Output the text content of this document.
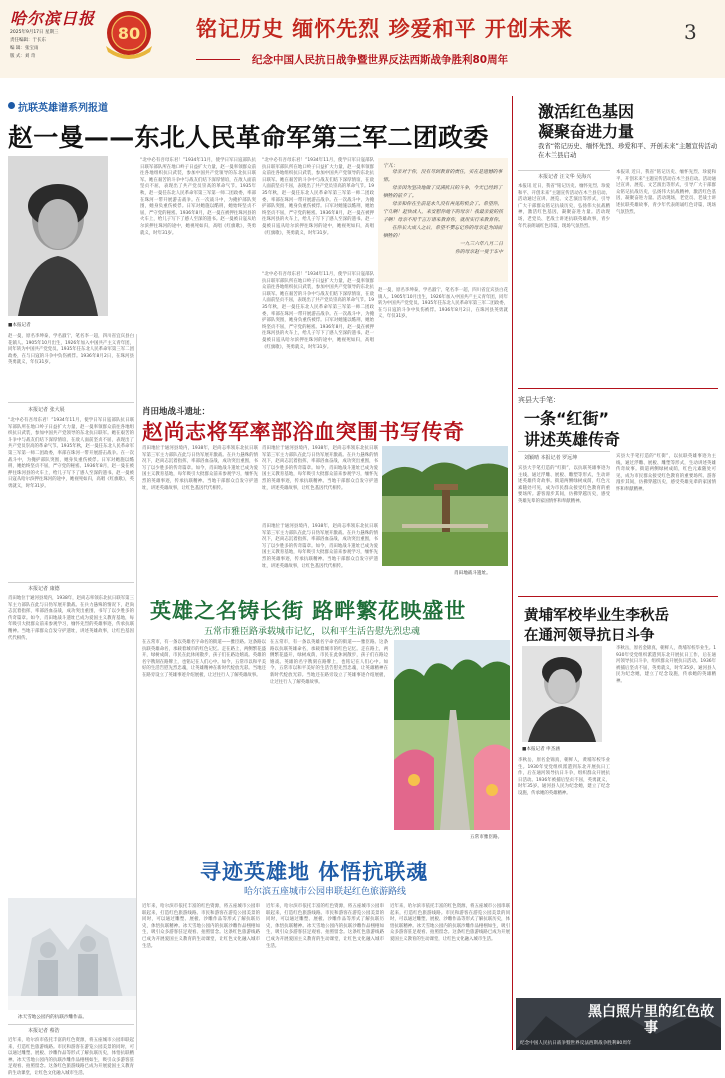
哈尔滨日报
2025年9月17日 星期三
责任编辑：于长东
编 辑：张宝雨
版 式：刘 奇
80	铭记历史 缅怀先烈 珍爱和平 开创未来	3
纪念中国人民抗日战争暨世界反法西斯战争胜利80周年
抗联英雄谱系列报道
赵一曼——东北人民革命军第三军二团政委
■本报记者
赵一曼，原名李坤泰，学名淑宁，笔名李一超，四川省宜宾县白花镇人。1905年10月出生，1926年加入中国共产主义青年团，同年转为中国共产党党员。1935年任东北人民革命军第三军二团政委，在与日寇的斗争中负伤被俘。1936年8月2日，在珠河县英勇就义，年仅31岁。
本报记者 张大展
“北中必有吾母东君！”1934年11月，使学日军日寇部队抗日联军部队所在地口岭子日益扩大力量，赵一曼率领群众前往各地组织抗日武装，参加中国共产党领导的东北抗日联军。她在艰苦的斗争中与战友们结下深厚情谊，在敌人面前坚贞不屈，表现出了共产党员崇高的革命气节。1935年秋，赵一曼任东北人民革命军第三军第一师二团政委，率部在珠河一带开展游击战争。在一次战斗中，为掩护部队突围，她身负重伤被俘。日军对她施以酷刑，她始终坚贞不屈，严守党的秘密。1936年8月，赵一曼在被押往珠河县的火车上，给儿子写下了感人至深的遗书。赵一曼被日寇从哈尔滨押往珠河的途中，她视死如归，高唱《红旗歌》，英勇就义，时年31岁。
“北中必有吾母东君！”1934年11月，使学日军日寇部队抗日联军部队所在地口岭子日益扩大力量，赵一曼率领群众前往各地组织抗日武装，参加中国共产党领导的东北抗日联军。她在艰苦的斗争中与战友们结下深厚情谊，在敌人面前坚贞不屈，表现出了共产党员崇高的革命气节。1935年秋，赵一曼任东北人民革命军第三军第一师二团政委，率部在珠河一带开展游击战争。在一次战斗中，为掩护部队突围，她身负重伤被俘。日军对她施以酷刑，她始终坚贞不屈，严守党的秘密。1936年8月，赵一曼在被押往珠河县的火车上，给儿子写下了感人至深的遗书。赵一曼被日寇从哈尔滨押往珠河的途中，她视死如归，高唱《红旗歌》，英勇就义，时年31岁。
“北中必有吾母东君！”1934年11月，使学日军日寇部队抗日联军部队所在地口岭子日益扩大力量，赵一曼率领群众前往各地组织抗日武装，参加中国共产党领导的东北抗日联军。她在艰苦的斗争中与战友们结下深厚情谊，在敌人面前坚贞不屈，表现出了共产党员崇高的革命气节。1935年秋，赵一曼任东北人民革命军第三军第一师二团政委，率部在珠河一带开展游击战争。在一次战斗中，为掩护部队突围，她身负重伤被俘。日军对她施以酷刑，她始终坚贞不屈，严守党的秘密。1936年8月，赵一曼在被押往珠河县的火车上，给儿子写下了感人至深的遗书。赵一曼被日寇从哈尔滨押往珠河的途中，她视死如归，高唱《红旗歌》，英勇就义，时年31岁。
宁儿：
母亲对于你，没有尽到教育的责任，实在是遗憾的事情。
母亲因为坚决地做了反满抗日的斗争，今天已经到了牺牲的前夕了。
母亲和你在生前是永久没有再见的机会了。希望你，宁儿啊！赶快成人，来安慰你地下的母亲！我最亲爱的孩子啊！母亲不用千言万语来教育你，就用实行来教育你。
在你长大成人之后，希望不要忘记你的母亲是为国而牺牲的！
一九三六年八月二日
你的母亲赵一曼于车中
“北中必有吾母东君！”1934年11月，使学日军日寇部队抗日联军部队所在地口岭子日益扩大力量，赵一曼率领群众前往各地组织抗日武装，参加中国共产党领导的东北抗日联军。她在艰苦的斗争中与战友们结下深厚情谊，在敌人面前坚贞不屈，表现出了共产党员崇高的革命气节。1935年秋，赵一曼任东北人民革命军第三军第一师二团政委，率部在珠河一带开展游击战争。在一次战斗中，为掩护部队突围，她身负重伤被俘。日军对她施以酷刑，她始终坚贞不屈，严守党的秘密。1936年8月，赵一曼在被押往珠河县的火车上，给儿子写下了感人至深的遗书。赵一曼被日寇从哈尔滨押往珠河的途中，她视死如归，高唱《红旗歌》，英勇就义，时年31岁。
赵一曼，原名李坤泰，学名淑宁，笔名李一超，四川省宜宾县白花镇人。1905年10月出生，1926年加入中国共产主义青年团，同年转为中国共产党党员。1935年任东北人民革命军第三军二团政委，在与日寇的斗争中负伤被俘。1936年8月2日，在珠河县英勇就义，年仅31岁。
肖田地战斗遗址：
赵尚志将军率部浴血突围书写传奇
肖田地位于通河县境内，1938年，赵尚志率领东北抗日联军第三军主力部队在此与日伪军展开激战。在兵力悬殊的情况下，赵尚志沉着指挥，率部浴血奋战，成功突出重围，书写了以少胜多的传奇篇章。如今，肖田地战斗遗址已成为爱国主义教育基地，每年吸引大批群众前来参观学习，缅怀先烈的英雄事迹，传承抗联精神。当地干部群众自发守护遗址，讲述英雄故事，让红色基因代代相传。
肖田地位于通河县境内，1938年，赵尚志率领东北抗日联军第三军主力部队在此与日伪军展开激战。在兵力悬殊的情况下，赵尚志沉着指挥，率部浴血奋战，成功突出重围，书写了以少胜多的传奇篇章。如今，肖田地战斗遗址已成为爱国主义教育基地，每年吸引大批群众前来参观学习，缅怀先烈的英雄事迹，传承抗联精神。当地干部群众自发守护遗址，讲述英雄故事，让红色基因代代相传。
肖田地战斗遗址。
肖田地位于通河县境内，1938年，赵尚志率领东北抗日联军第三军主力部队在此与日伪军展开激战。在兵力悬殊的情况下，赵尚志沉着指挥，率部浴血奋战，成功突出重围，书写了以少胜多的传奇篇章。如今，肖田地战斗遗址已成为爱国主义教育基地，每年吸引大批群众前来参观学习，缅怀先烈的英雄事迹，传承抗联精神。当地干部群众自发守护遗址，讲述英雄故事，让红色基因代代相传。
本报记者 康德
肖田地位于通河县境内，1938年，赵尚志率领东北抗日联军第三军主力部队在此与日伪军展开激战。在兵力悬殊的情况下，赵尚志沉着指挥，率部浴血奋战，成功突出重围，书写了以少胜多的传奇篇章。如今，肖田地战斗遗址已成为爱国主义教育基地，每年吸引大批群众前来参观学习，缅怀先烈的英雄事迹，传承抗联精神。当地干部群众自发守护遗址，讲述英雄故事，让红色基因代代相传。
英雄之名铸长街 路畔繁花映盛世
五常市雅臣路承载城市记忆，以和平生活告慰先烈忠魂
在五常市，有一条以英雄名字命名的街道——雅臣路。这条路以抗联英雄命名，承载着城市的红色记忆。走在路上，两侧繁花盛开，绿树成荫，市民在此休闲散步，孩子们在路边嬉戏。英雄的名字镌刻在路牌上，也铭记在人们心中。如今，五常市以和平美好的生活告慰先烈忠魂，让英雄精神在新时代绽放光彩。当地还在路旁设立了英雄事迹介绍展板，让过往行人了解英雄故事。
在五常市，有一条以英雄名字命名的街道——雅臣路。这条路以抗联英雄命名，承载着城市的红色记忆。走在路上，两侧繁花盛开，绿树成荫，市民在此休闲散步，孩子们在路边嬉戏。英雄的名字镌刻在路牌上，也铭记在人们心中。如今，五常市以和平美好的生活告慰先烈忠魂，让英雄精神在新时代绽放光彩。当地还在路旁设立了英雄事迹介绍展板，让过往行人了解英雄故事。
五常市雅臣路。
寻迹英雄地 体悟抗联魂
哈尔滨五座城市公园串联起红色旅游路线
冰天雪地公园内的抗联沙雕作品。
本报记者 蔡浩
近年来，哈尔滨市依托丰富的红色资源，将五座城市公园串联起来，打造红色旅游线路。市民和游客在游览公园美景的同时，可以通过雕塑、展板、沙雕作品等形式了解抗联历史，体悟抗联精神。冰天雪地公园内的抗联沙雕作品栩栩如生，吸引众多游客驻足观看、拍照留念。这条红色旅游线路已成为开展爱国主义教育的生动课堂，让红色文化融入城市生活。
近年来，哈尔滨市依托丰富的红色资源，将五座城市公园串联起来，打造红色旅游线路。市民和游客在游览公园美景的同时，可以通过雕塑、展板、沙雕作品等形式了解抗联历史，体悟抗联精神。冰天雪地公园内的抗联沙雕作品栩栩如生，吸引众多游客驻足观看、拍照留念。这条红色旅游线路已成为开展爱国主义教育的生动课堂，让红色文化融入城市生活。
近年来，哈尔滨市依托丰富的红色资源，将五座城市公园串联起来，打造红色旅游线路。市民和游客在游览公园美景的同时，可以通过雕塑、展板、沙雕作品等形式了解抗联历史，体悟抗联精神。冰天雪地公园内的抗联沙雕作品栩栩如生，吸引众多游客驻足观看、拍照留念。这条红色旅游线路已成为开展爱国主义教育的生动课堂，让红色文化融入城市生活。
近年来，哈尔滨市依托丰富的红色资源，将五座城市公园串联起来，打造红色旅游线路。市民和游客在游览公园美景的同时，可以通过雕塑、展板、沙雕作品等形式了解抗联历史，体悟抗联精神。冰天雪地公园内的抗联沙雕作品栩栩如生，吸引众多游客驻足观看、拍照留念。这条红色旅游线路已成为开展爱国主义教育的生动课堂，让红色文化融入城市生活。
激活红色基因
凝聚奋进力量
我省“铭记历史、缅怀先烈、珍爱和平、开创未来”主题宣传活动在木兰县启动
本报记者 汪文华 吴海兴
本报讯 近日，我省“铭记历史、缅怀先烈、珍爱和平、开创未来”主题宣传活动在木兰县启动。活动通过宣讲、展览、文艺演出等形式，引导广大干部群众铭记抗战历史，弘扬伟大抗战精神，激活红色基因，凝聚奋进力量。活动现场，老党员、老战士讲述抗联英雄故事，青少年代表朗诵红色诗篇，现场气氛热烈。
本报讯 近日，我省“铭记历史、缅怀先烈、珍爱和平、开创未来”主题宣传活动在木兰县启动。活动通过宣讲、展览、文艺演出等形式，引导广大干部群众铭记抗战历史，弘扬伟大抗战精神，激活红色基因，凝聚奋进力量。活动现场，老党员、老战士讲述抗联英雄故事，青少年代表朗诵红色诗篇，现场气氛热烈。
宾县大手笔：
一条“红街”
讲述英雄传奇
刘颖晴 本报记者 罗远坤
宾县大手笔打造的“红街”，以抗联英雄事迹为主线，通过浮雕、展板、雕塑等形式，生动讲述英雄传奇故事。街道两侧绿树成荫，红色元素随处可见，成为市民群众接受红色教育的重要场所。游客漫步其间，仿佛穿越历史，感受英雄先辈的家国情怀和奉献精神。
宾县大手笔打造的“红街”，以抗联英雄事迹为主线，通过浮雕、展板、雕塑等形式，生动讲述英雄传奇故事。街道两侧绿树成荫，红色元素随处可见，成为市民群众接受红色教育的重要场所。游客漫步其间，仿佛穿越历史，感受英雄先辈的家国情怀和奉献精神。
黄埔军校毕业生李秋岳
在通河领导抗日斗争
■本报记者 申杰涵
李秋岳，原名金锦真，朝鲜人，黄埔军校毕业生。1930年受党组织派遣到东北开展抗日工作，后在通河领导抗日斗争，组织群众开展抗日活动。1936年被捕后坚贞不屈，英勇就义，时年35岁。通河县人民为纪念她，建立了纪念设施，传承她的英雄精神。
李秋岳，原名金锦真，朝鲜人，黄埔军校毕业生。1930年受党组织派遣到东北开展抗日工作，后在通河领导抗日斗争，组织群众开展抗日活动。1936年被捕后坚贞不屈，英勇就义，时年35岁。通河县人民为纪念她，建立了纪念设施，传承她的英雄精神。
黑白照片里的红色故事
纪念中国人民抗日战争暨世界反法西斯战争胜利80周年
